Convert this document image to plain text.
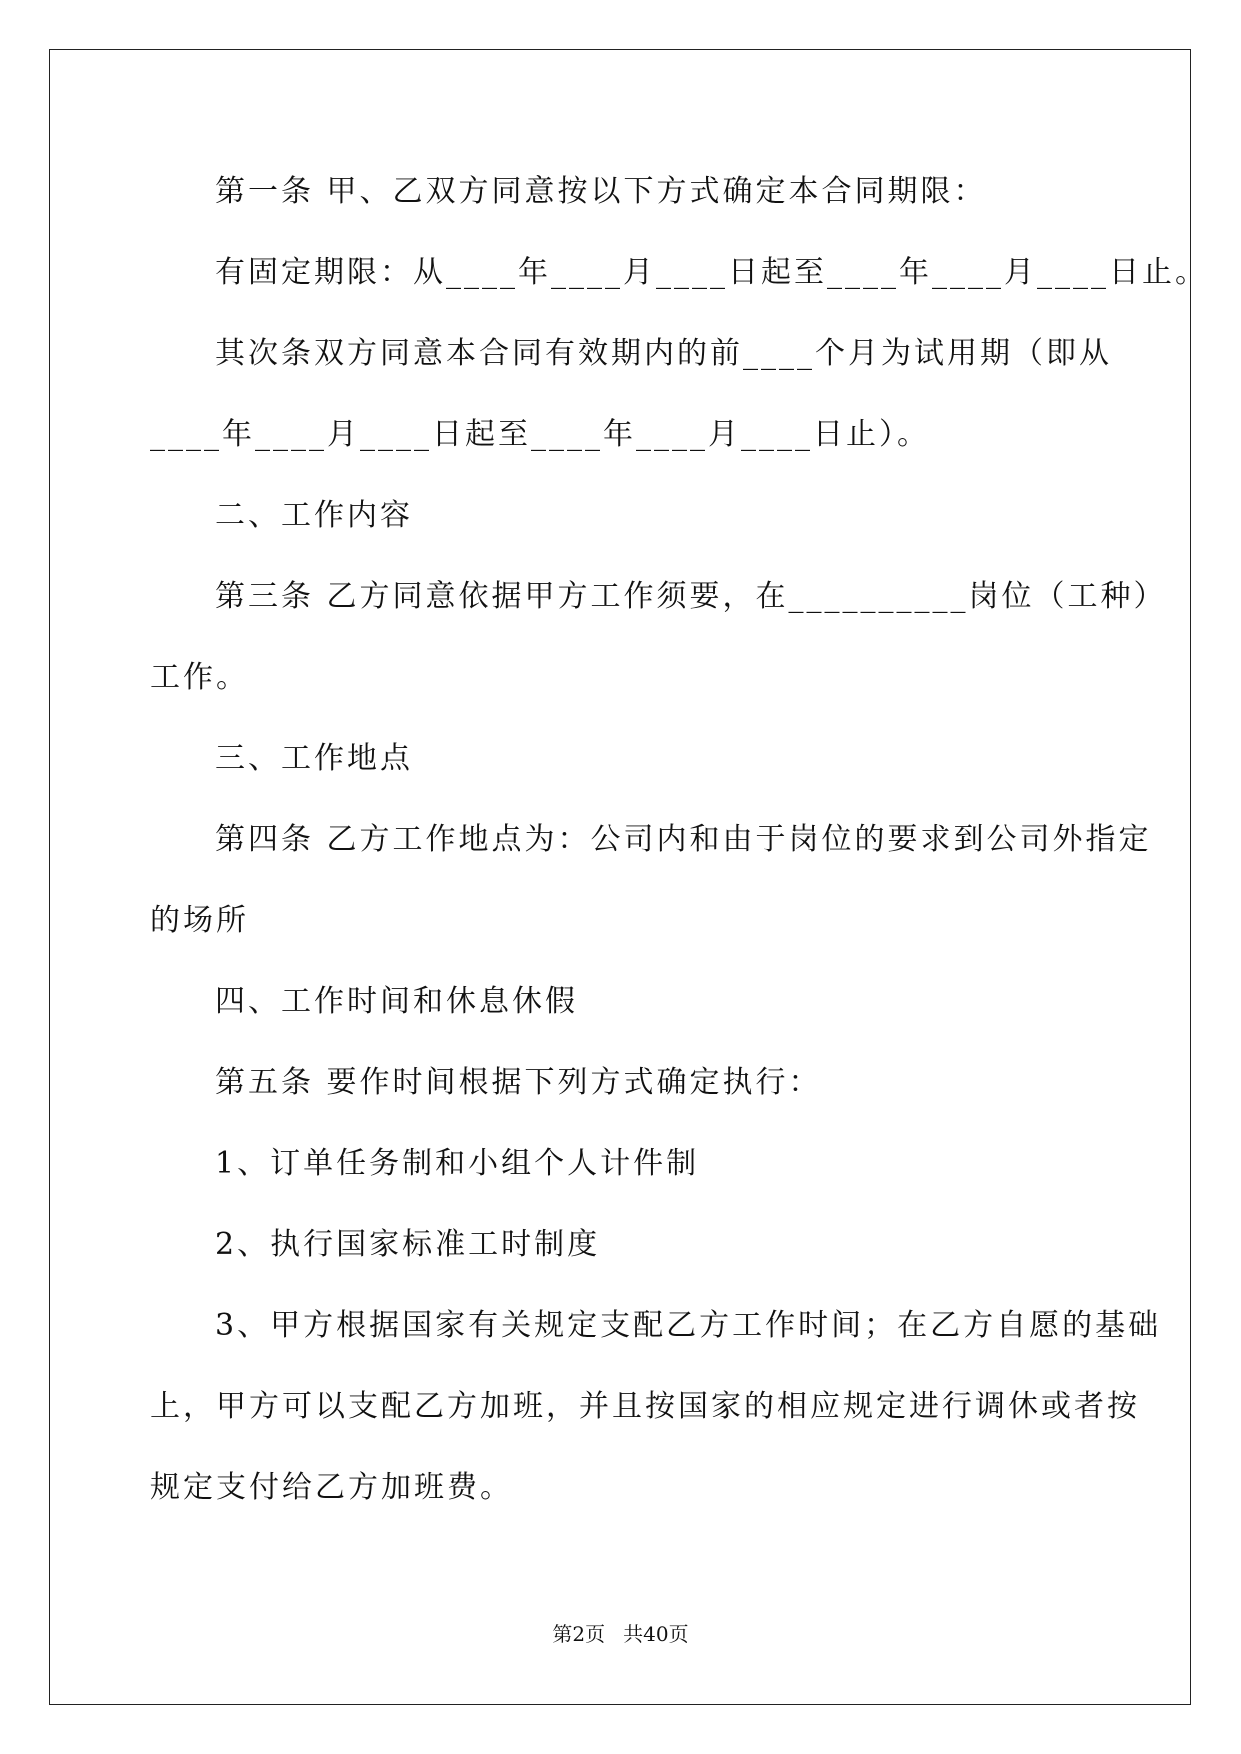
第一条 甲、乙双方同意按以下方式确定本合同期限：

有固定期限：从____年____月____日起至____年____月____日止。

其次条双方同意本合同有效期内的前____个月为试用期（即从

____年____月____日起至____年____月____日止）。

二、工作内容

第三条 乙方同意依据甲方工作须要，在__________岗位（工种）

工作。

三、工作地点

第四条 乙方工作地点为：公司内和由于岗位的要求到公司外指定

的场所

四、工作时间和休息休假

第五条 要作时间根据下列方式确定执行：

1、订单任务制和小组个人计件制

2、执行国家标准工时制度

3、甲方根据国家有关规定支配乙方工作时间；在乙方自愿的基础

上，甲方可以支配乙方加班，并且按国家的相应规定进行调休或者按

规定支付给乙方加班费。

第2页 共40页
